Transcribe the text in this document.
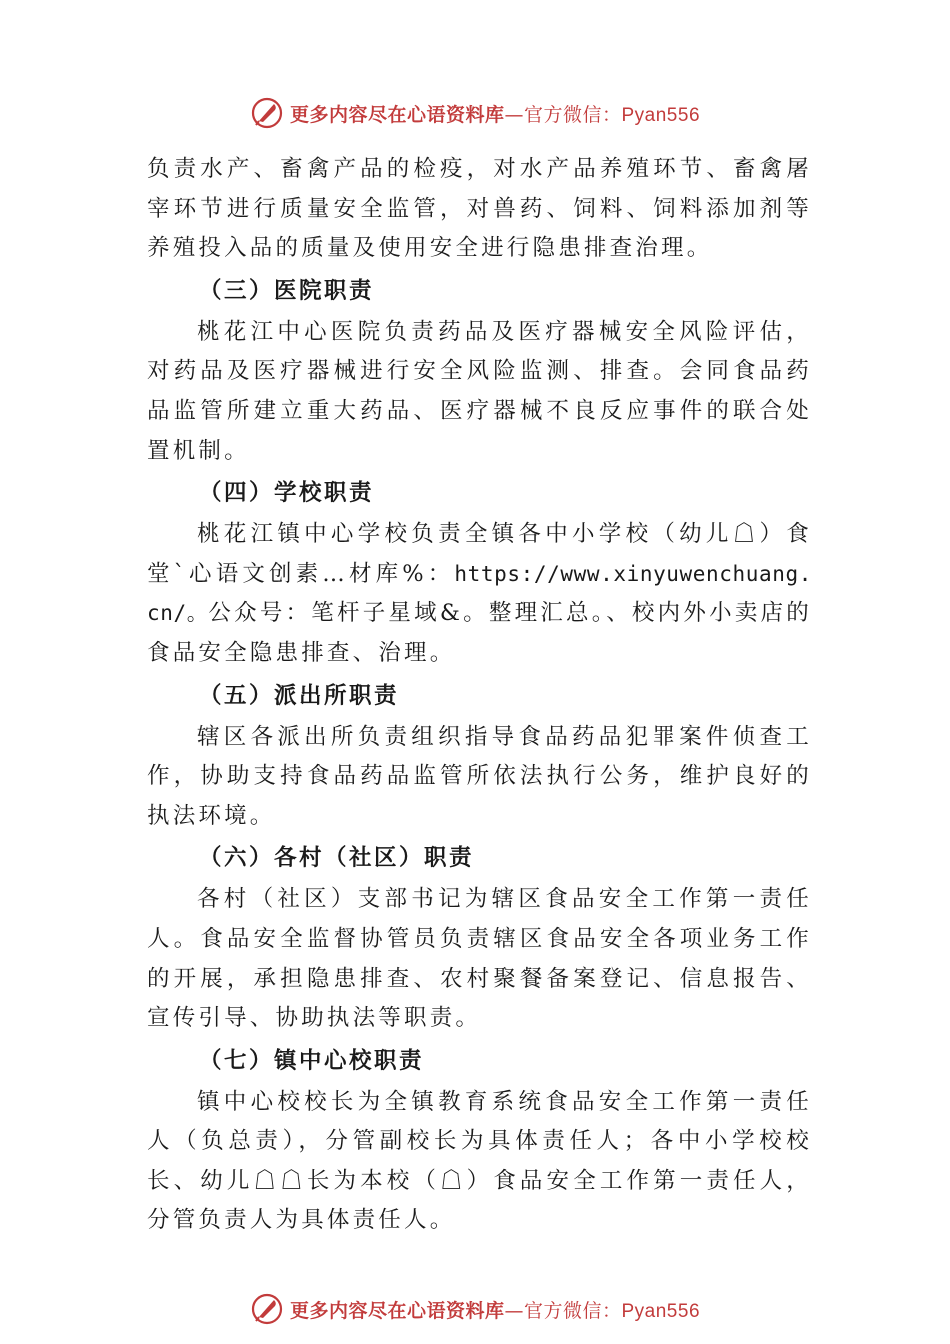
更多内容尽在心语资料库—官方微信：Pyan556

负责水产、畜禽产品的检疫，对水产品养殖环节、畜禽屠宰环节进行质量安全监管，对兽药、饲料、饲料添加剂等养殖投入品的质量及使用安全进行隐患排查治理。

（三）医院职责

桃花江中心医院负责药品及医疗器械安全风险评估，对药品及医疗器械进行安全风险监测、排查。会同食品药品监管所建立重大药品、医疗器械不良反应事件的联合处置机制。

（四）学校职责

桃花江镇中心学校负责全镇各中小学校（幼儿☖）食堂`心语文创素…材库%：https://www.xinyuwenchuang.cn/。公众号：笔杆子星域&。整理汇总。、校内外小卖店的食品安全隐患排查、治理。

（五）派出所职责

辖区各派出所负责组织指导食品药品犯罪案件侦查工作，协助支持食品药品监管所依法执行公务，维护良好的执法环境。

（六）各村（社区）职责

各村（社区）支部书记为辖区食品安全工作第一责任人。食品安全监督协管员负责辖区食品安全各项业务工作的开展，承担隐患排查、农村聚餐备案登记、信息报告、宣传引导、协助执法等职责。

（七）镇中心校职责

镇中心校校长为全镇教育系统食品安全工作第一责任人（负总责），分管副校长为具体责任人；各中小学校校长、幼儿☖☖长为本校（☖）食品安全工作第一责任人，分管负责人为具体责任人。

更多内容尽在心语资料库—官方微信：Pyan556
